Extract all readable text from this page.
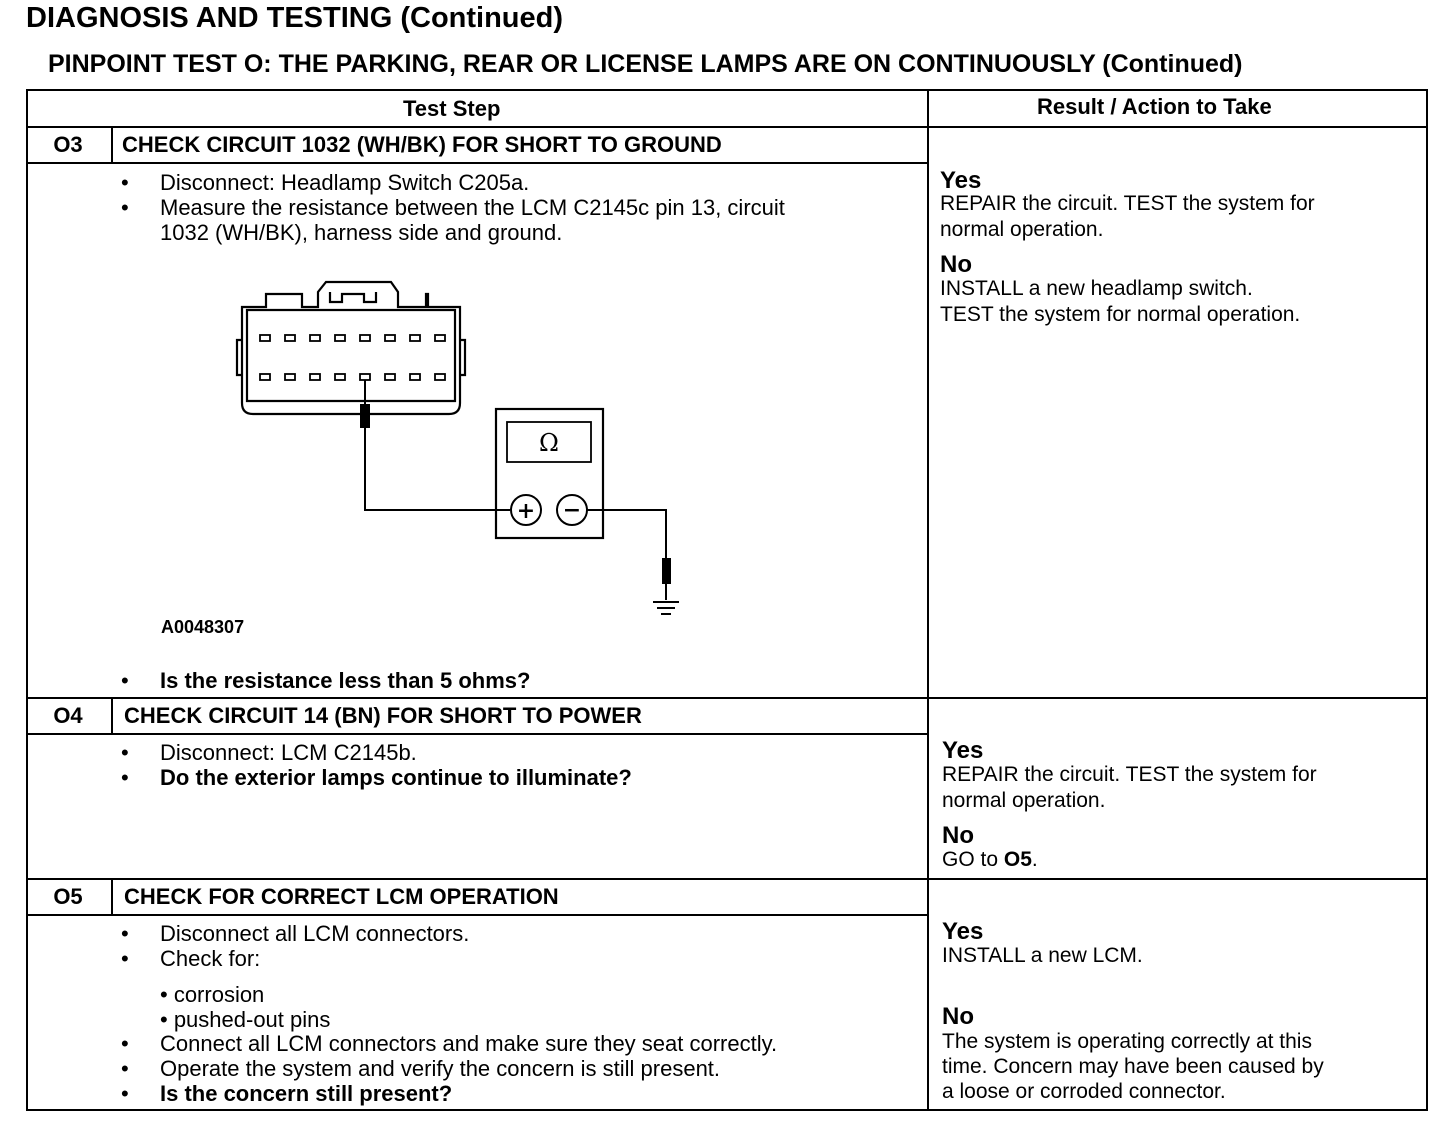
DIAGNOSIS AND TESTING (Continued)
PINPOINT TEST O: THE PARKING, REAR OR LICENSE LAMPS ARE ON CONTINUOUSLY (Continued)
Test Step	Result / Action to Take
O3	CHECK CIRCUIT 1032 (WH/BK) FOR SHORT TO GROUND
• Disconnect: Headlamp Switch C205a.
• Measure the resistance between the LCM C2145c pin 13, circuit
1032 (WH/BK), harness side and ground.
Ω
+ −
A0048307
• Is the resistance less than 5 ohms?
Yes
REPAIR the circuit. TEST the system for
normal operation.
No
INSTALL a new headlamp switch.
TEST the system for normal operation.
O4	CHECK CIRCUIT 14 (BN) FOR SHORT TO POWER
• Disconnect: LCM C2145b.
• Do the exterior lamps continue to illuminate?
Yes
REPAIR the circuit. TEST the system for
normal operation.
No
GO to O5.
O5	CHECK FOR CORRECT LCM OPERATION
• Disconnect all LCM connectors.
• Check for:
• corrosion
• pushed-out pins
• Connect all LCM connectors and make sure they seat correctly.
• Operate the system and verify the concern is still present.
• Is the concern still present?
Yes
INSTALL a new LCM.
No
The system is operating correctly at this
time. Concern may have been caused by
a loose or corroded connector.
